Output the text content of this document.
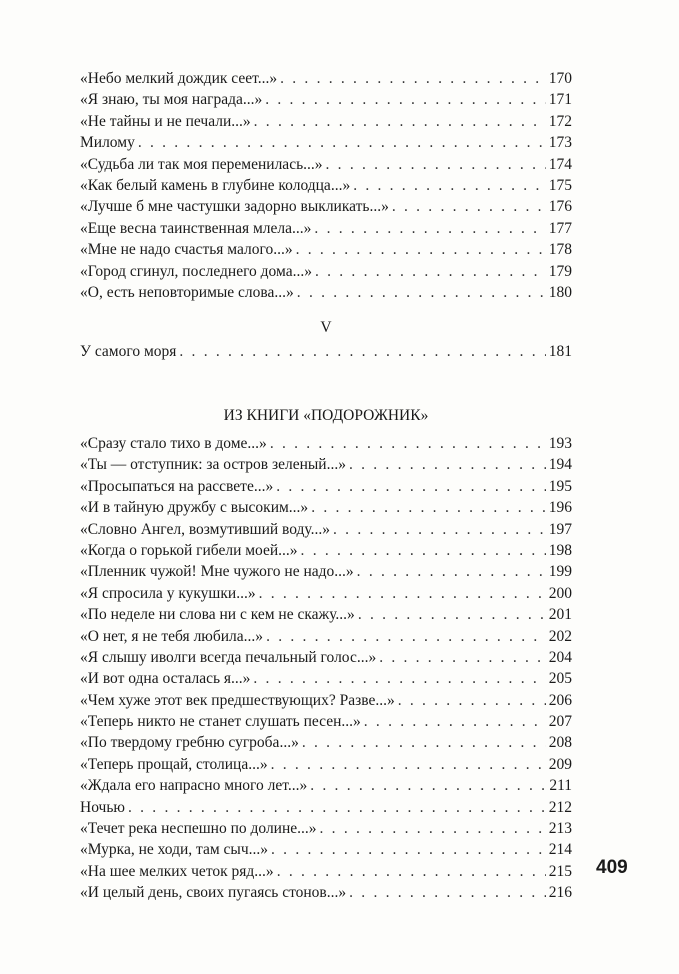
«Небо мелкий дождик сеет...» . . .	170
«Я знаю, ты моя награда...» . . .	171
«Не тайны и не печали...» . . .	172
Милому . . .	173
«Судьба ли так моя переменилась...» . . .	174
«Как белый камень в глубине колодца...» . . .	175
«Лучше б мне частушки задорно выкликать...» . . .	176
«Еще весна таинственная млела...» . . .	177
«Мне не надо счастья малого...» . . .	178
«Город сгинул, последнего дома...» . . .	179
«О, есть неповторимые слова...» . . .	180
V
У самого моря . . .	181
ИЗ КНИГИ «ПОДОРОЖНИК»
«Сразу стало тихо в доме...» . . .	193
«Ты — отступник: за остров зеленый...» . . .	194
«Просыпаться на рассвете...» . . .	195
«И в тайную дружбу с высоким...» . . .	196
«Словно Ангел, возмутивший воду...» . . .	197
«Когда о горькой гибели моей...» . . .	198
«Пленник чужой! Мне чужого не надо...» . . .	199
«Я спросила у кукушки...» . . .	200
«По неделе ни слова ни с кем не скажу...» . . .	201
«О нет, я не тебя любила...» . . .	202
«Я слышу иволги всегда печальный голос...» . . .	204
«И вот одна осталась я...» . . .	205
«Чем хуже этот век предшествующих? Разве...» . . .	206
«Теперь никто не станет слушать песен...» . . .	207
«По твердому гребню сугроба...» . . .	208
«Теперь прощай, столица...» . . .	209
«Ждала его напрасно много лет...» . . .	211
Ночью . . .	212
«Течет река неспешно по долине...» . . .	213
«Мурка, не ходи, там сыч...» . . .	214
«На шее мелких четок ряд...» . . .	215
«И целый день, своих пугаясь стонов...» . . .	216
409
